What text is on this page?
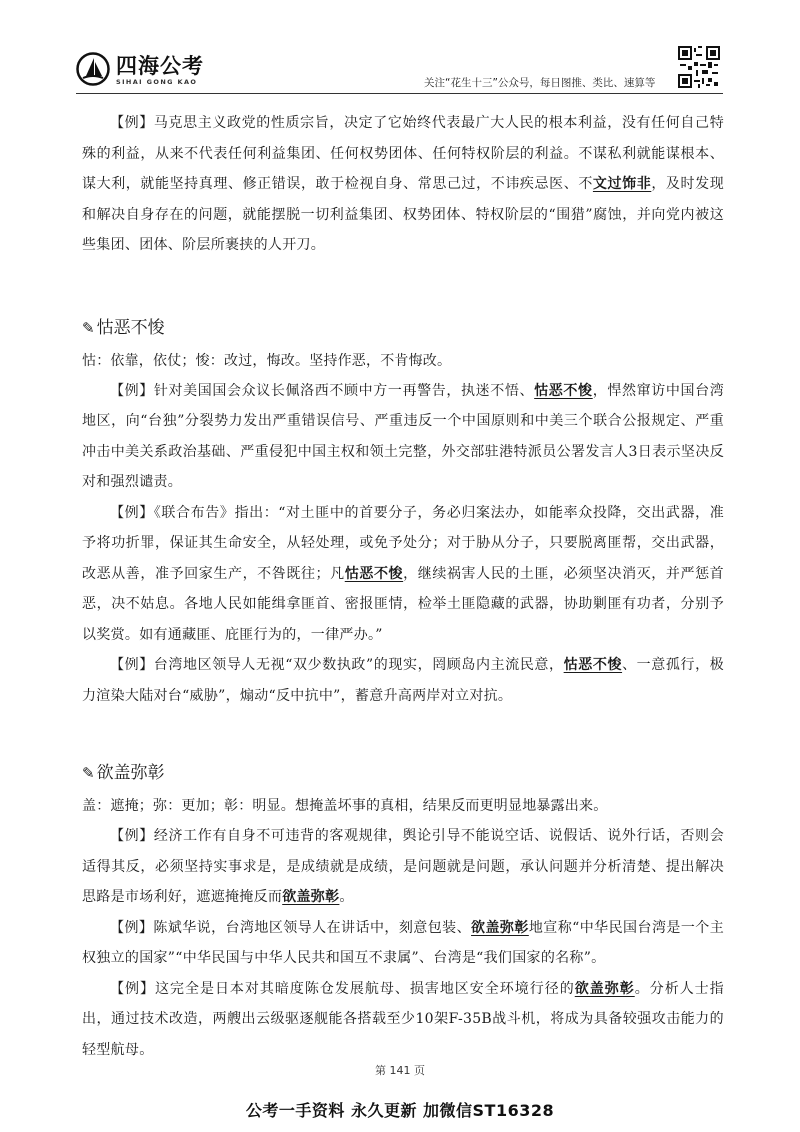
四海公考
SIHAI GONG KAO	关注“花生十三”公众号，每日图推、类比、速算等

【例】马克思主义政党的性质宗旨，决定了它始终代表最广大人民的根本利益，没有任何自己特殊的利益，从来不代表任何利益集团、任何权势团体、任何特权阶层的利益。不谋私利就能谋根本、谋大利，就能坚持真理、修正错误，敢于检视自身、常思己过，不讳疾忌医、不文过饰非，及时发现和解决自身存在的问题，就能摆脱一切利益集团、权势团体、特权阶层的“围猎”腐蚀，并向党内被这些集团、团体、阶层所裹挟的人开刀。

✎ 怙恶不悛

怙：依靠，依仗；悛：改过，悔改。坚持作恶，不肯悔改。

【例】针对美国国会众议长佩洛西不顾中方一再警告，执迷不悟、怙恶不悛，悍然窜访中国台湾地区，向“台独”分裂势力发出严重错误信号、严重违反一个中国原则和中美三个联合公报规定、严重冲击中美关系政治基础、严重侵犯中国主权和领土完整，外交部驻港特派员公署发言人3日表示坚决反对和强烈谴责。

【例】《联合布告》指出：“对土匪中的首要分子，务必归案法办，如能率众投降，交出武器，准予将功折罪，保证其生命安全，从轻处理，或免予处分；对于胁从分子，只要脱离匪帮，交出武器，改恶从善，准予回家生产，不咎既往；凡怙恶不悛，继续祸害人民的土匪，必须坚决消灭，并严惩首恶，决不姑息。各地人民如能缉拿匪首、密报匪情，检举土匪隐藏的武器，协助剿匪有功者，分别予以奖赏。如有通藏匪、庇匪行为的，一律严办。”

【例】台湾地区领导人无视“双少数执政”的现实，罔顾岛内主流民意，怙恶不悛、一意孤行，极力渲染大陆对台“威胁”，煽动“反中抗中”，蓄意升高两岸对立对抗。

✎ 欲盖弥彰

盖：遮掩；弥：更加；彰：明显。想掩盖坏事的真相，结果反而更明显地暴露出来。

【例】经济工作有自身不可违背的客观规律，舆论引导不能说空话、说假话、说外行话，否则会适得其反，必须坚持实事求是，是成绩就是成绩，是问题就是问题，承认问题并分析清楚、提出解决思路是市场利好，遮遮掩掩反而欲盖弥彰。

【例】陈斌华说，台湾地区领导人在讲话中，刻意包装、欲盖弥彰地宣称“中华民国台湾是一个主权独立的国家”“中华民国与中华人民共和国互不隶属”、台湾是“我们国家的名称”。

【例】这完全是日本对其暗度陈仓发展航母、损害地区安全环境行径的欲盖弥彰。分析人士指出，通过技术改造，两艘出云级驱逐舰能各搭载至少10架F-35B战斗机，将成为具备较强攻击能力的轻型航母。

第 141 页
公考一手资料 永久更新 加微信ST16328
